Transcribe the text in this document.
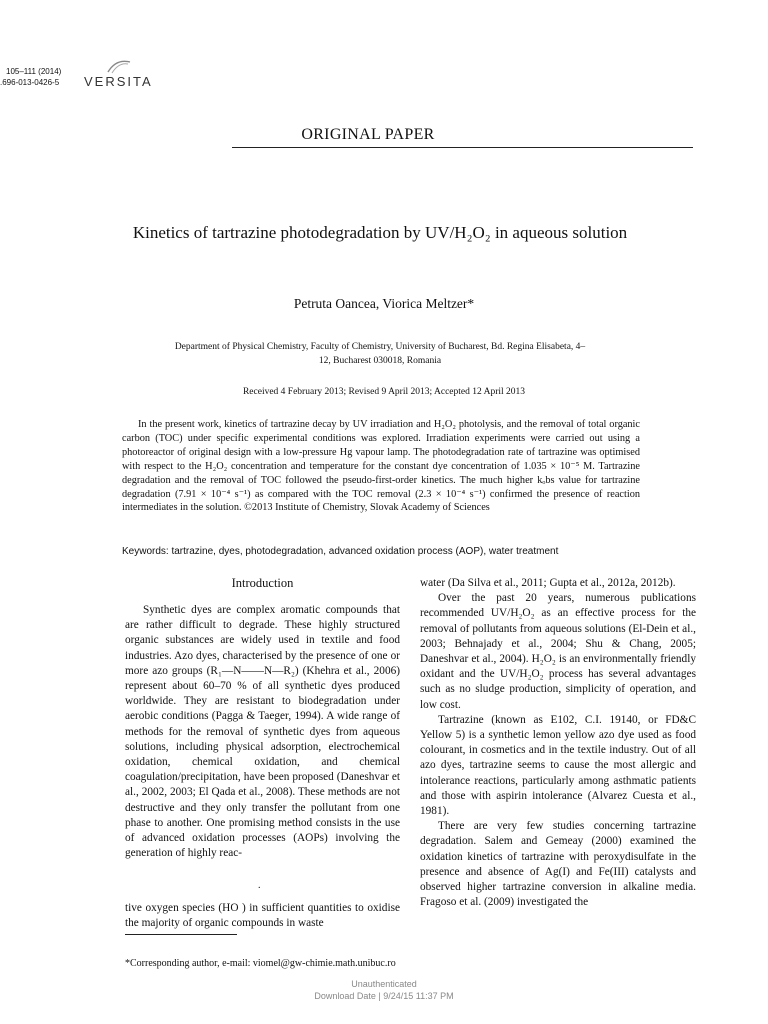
105–111 (2014)
.696-013-0426-5 VERSITA
ORIGINAL PAPER
Kinetics of tartrazine photodegradation by UV/H₂O₂ in aqueous solution
Petruta Oancea, Viorica Meltzer*
Department of Physical Chemistry, Faculty of Chemistry, University of Bucharest, Bd. Regina Elisabeta, 4–12, Bucharest 030018, Romania
Received 4 February 2013; Revised 9 April 2013; Accepted 12 April 2013

In the present work, kinetics of tartrazine decay by UV irradiation and H₂O₂ photolysis, and the removal of total organic carbon (TOC) under specific experimental conditions was explored. Irradiation experiments were carried out using a photoreactor of original design with a low-pressure Hg vapour lamp. The photodegradation rate of tartrazine was optimised with respect to the H₂O₂ concentration and temperature for the constant dye concentration of 1.035 × 10⁻⁵ M. Tartrazine degradation and the removal of TOC followed the pseudo-first-order kinetics. The much higher kₒbs value for tartrazine degradation (7.91 × 10⁻⁴ s⁻¹) as compared with the TOC removal (2.3 × 10⁻⁴ s⁻¹) confirmed the presence of reaction intermediates in the solution. ©2013 Institute of Chemistry, Slovak Academy of Sciences

Keywords: tartrazine, dyes, photodegradation, advanced oxidation process (AOP), water treatment
Introduction

Synthetic dyes are complex aromatic compounds that are rather difficult to degrade. These highly structured organic substances are widely used in textile and food industries. Azo dyes, characterised by the presence of one or more azo groups (R₁—N——N—R₂) (Khehra et al., 2006) represent about 60–70 % of all synthetic dyes produced worldwide. They are resistant to biodegradation under aerobic conditions (Pagga & Taeger, 1994). A wide range of methods for the removal of synthetic dyes from aqueous solutions, including physical adsorption, electrochemical oxidation, chemical oxidation, and chemical coagulation/precipitation, have been proposed (Daneshvar et al., 2002, 2003; El Qada et al., 2008). These methods are not destructive and they only transfer the pollutant from one phase to another. One promising method consists in the use of advanced oxidation processes (AOPs) involving the generation of highly reac-

.

tive oxygen species (HO ) in sufficient quantities to oxidise the majority of organic compounds in waste

water (Da Silva et al., 2011; Gupta et al., 2012a, 2012b).

Over the past 20 years, numerous publications recommended UV/H₂O₂ as an effective process for the removal of pollutants from aqueous solutions (El-Dein et al., 2003; Behnajady et al., 2004; Shu & Chang, 2005; Daneshvar et al., 2004). H₂O₂ is an environmentally friendly oxidant and the UV/H₂O₂ process has several advantages such as no sludge production, simplicity of operation, and low cost.

Tartrazine (known as E102, C.I. 19140, or FD&C Yellow 5) is a synthetic lemon yellow azo dye used as food colourant, in cosmetics and in the textile industry. Out of all azo dyes, tartrazine seems to cause the most allergic and intolerance reactions, particularly among asthmatic patients and those with aspirin intolerance (Alvarez Cuesta et al., 1981).

There are very few studies concerning tartrazine degradation. Salem and Gemeay (2000) examined the oxidation kinetics of tartrazine with peroxydisulfate in the presence and absence of Ag(I) and Fe(III) catalysts and observed higher tartrazine conversion in alkaline media. Fragoso et al. (2009) investigated the

*Corresponding author, e-mail: viomel@gw-chimie.math.unibuc.ro
Unauthenticated
Download Date | 9/24/15 11:37 PM
